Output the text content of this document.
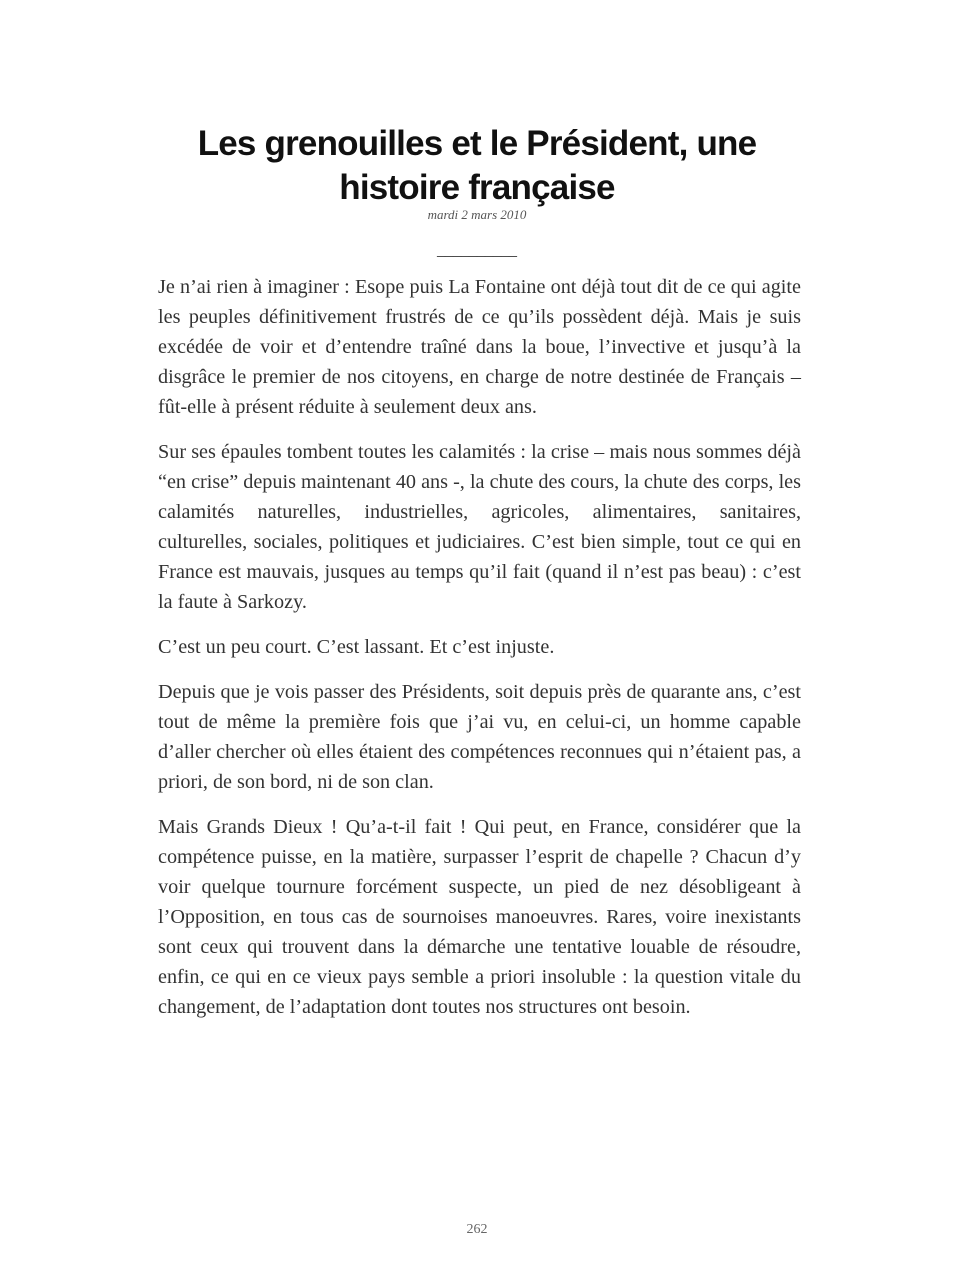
Les grenouilles et le Président, une histoire française
mardi 2 mars 2010
__________

Je n’ai rien à imaginer : Esope puis La Fontaine ont déjà tout dit de ce qui agite les peuples définitivement frustrés de ce qu’ils possèdent déjà. Mais je suis excédée de voir et d’entendre traîné dans la boue, l’invective et jusqu’à la disgrâce le premier de nos citoyens, en charge de notre destinée de Français – fût-elle à présent réduite à seulement deux ans.

Sur ses épaules tombent toutes les calamités : la crise – mais nous sommes déjà “en crise” depuis maintenant 40 ans -, la chute des cours, la chute des corps, les calamités naturelles, industrielles, agricoles, alimentaires, sanitaires, culturelles, sociales, politiques et judiciaires. C’est bien simple, tout ce qui en France est mauvais, jusques au temps qu’il fait (quand il n’est pas beau) : c’est la faute à Sarkozy.

C’est un peu court. C’est lassant. Et c’est injuste.

Depuis que je vois passer des Présidents, soit depuis près de quarante ans, c’est tout de même la première fois que j’ai vu, en celui-ci, un homme capable d’aller chercher où elles étaient des compétences reconnues qui n’étaient pas, a priori, de son bord, ni de son clan.

Mais Grands Dieux ! Qu’a-t-il fait ! Qui peut, en France, considérer que la compétence puisse, en la matière, surpasser l’esprit de chapelle ? Chacun d’y voir quelque tournure forcément suspecte, un pied de nez désobligeant à l’Opposition, en tous cas de sournoises manoeuvres. Rares, voire inexistants sont ceux qui trouvent dans la démarche une tentative louable de résoudre, enfin, ce qui en ce vieux pays semble a priori insoluble : la question vitale du changement, de l’adaptation dont toutes nos structures ont besoin.

262
